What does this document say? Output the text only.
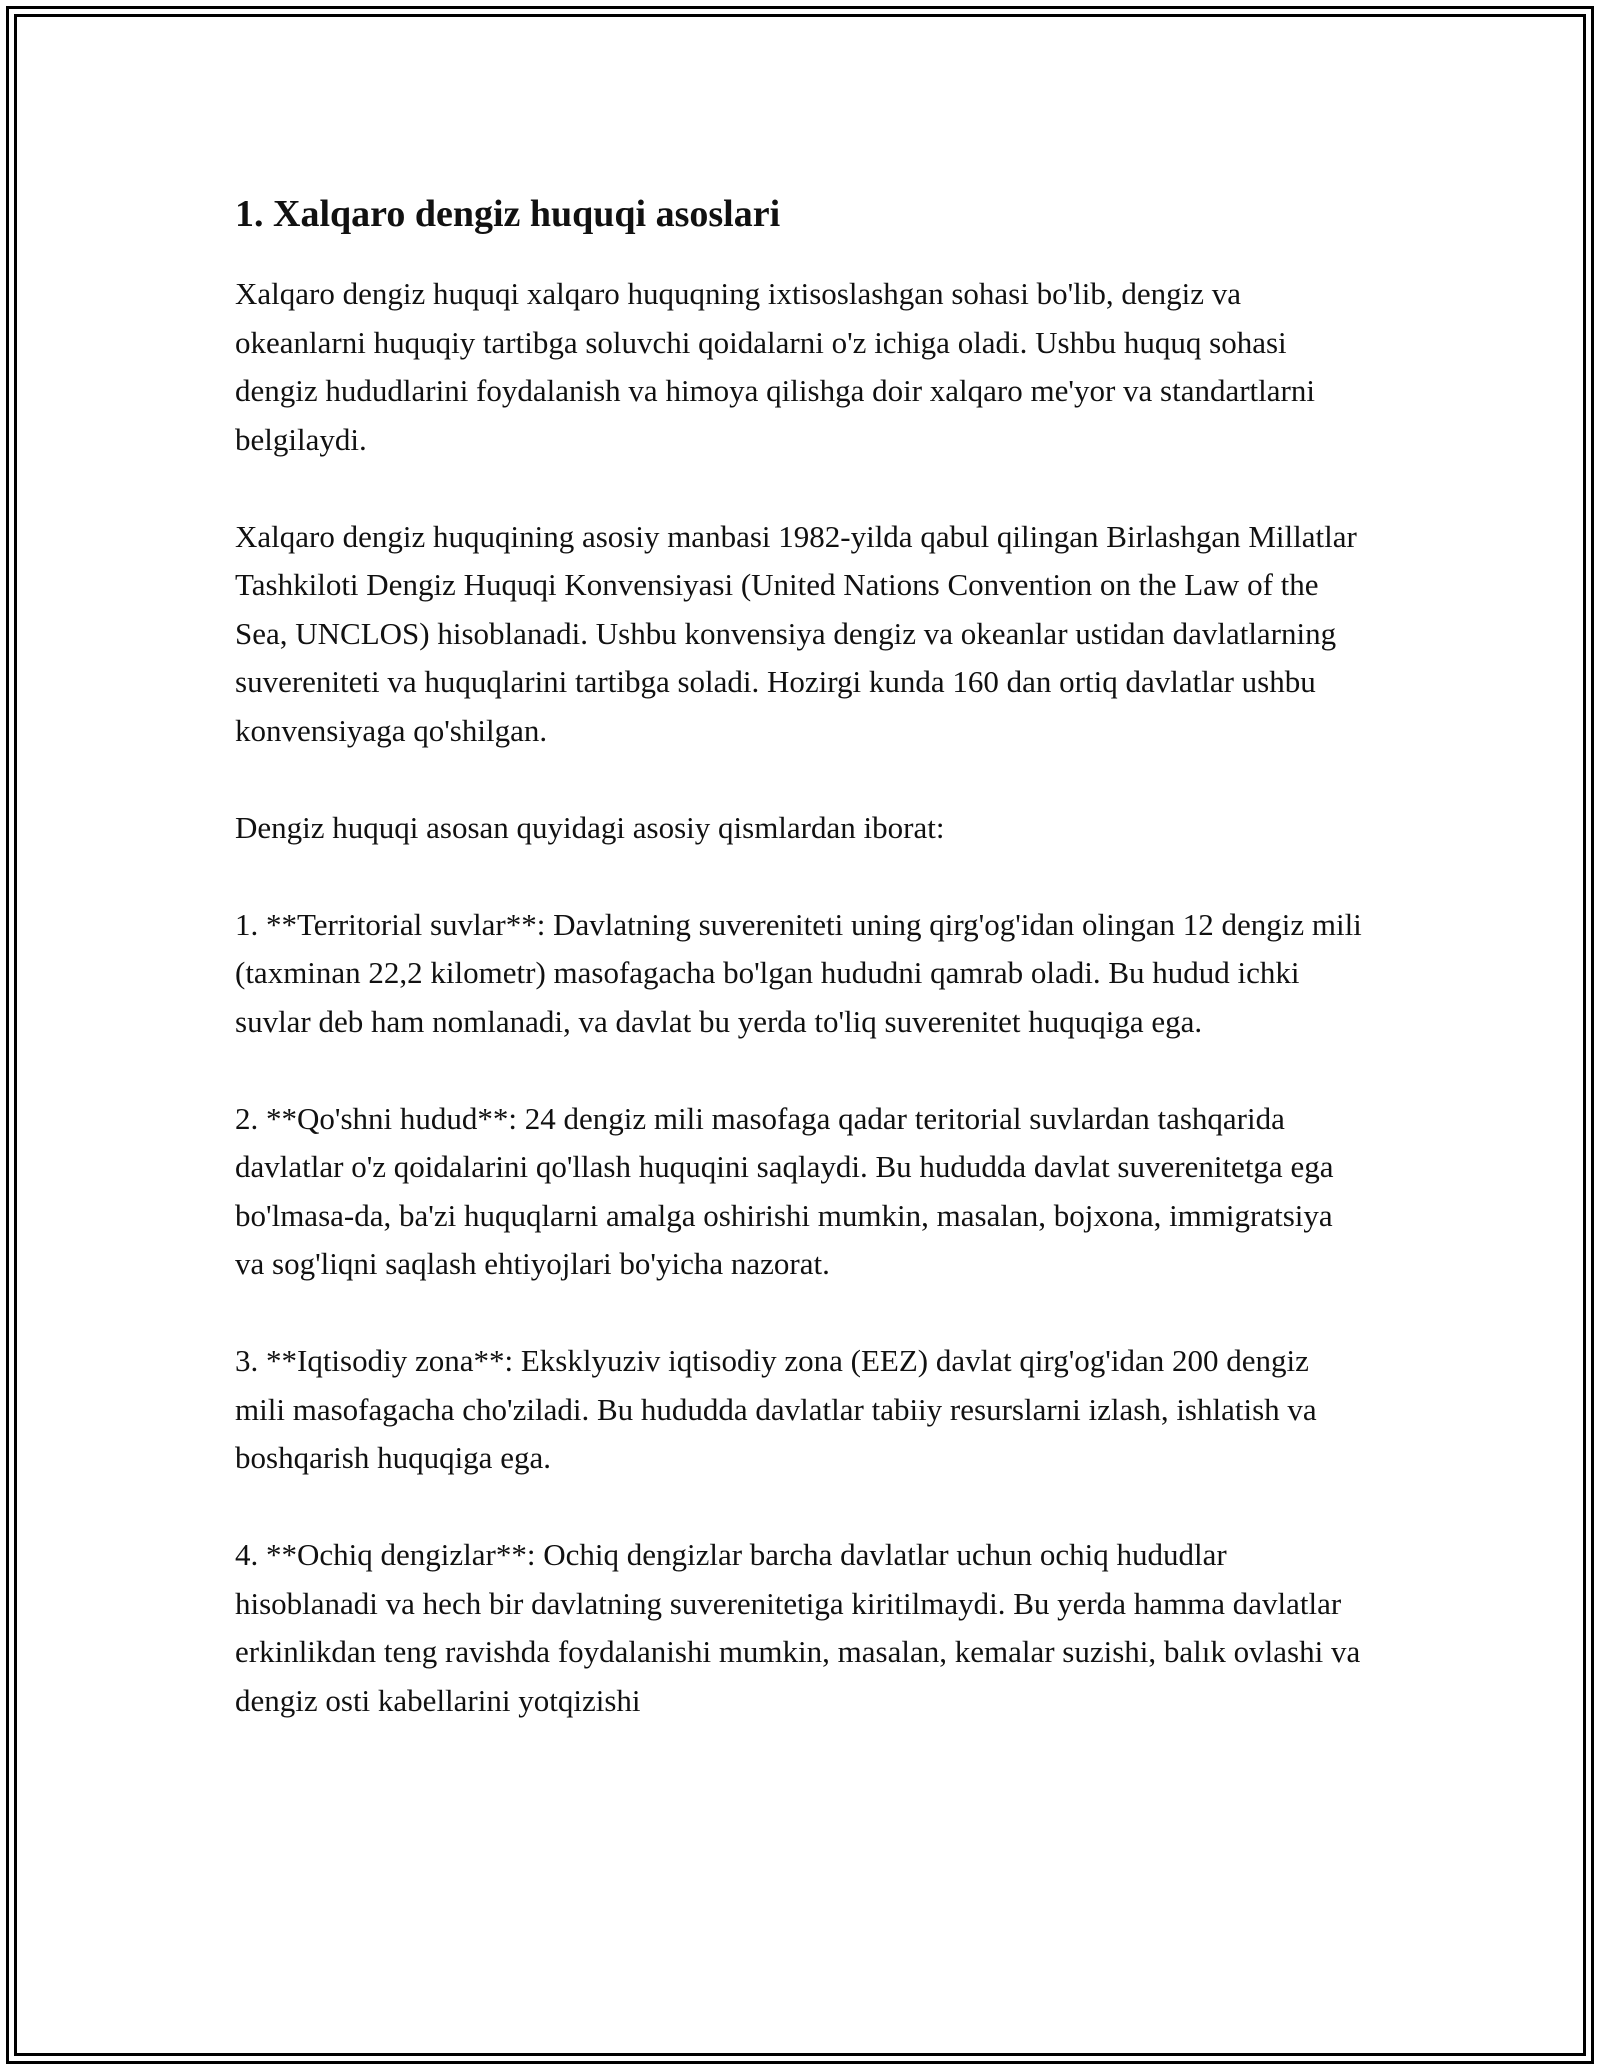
1. Xalqaro dengiz huquqi asoslari

Xalqaro dengiz huquqi xalqaro huquqning ixtisoslashgan sohasi bo'lib, dengiz va okeanlarni huquqiy tartibga soluvchi qoidalarni o'z ichiga oladi. Ushbu huquq sohasi dengiz hududlarini foydalanish va himoya qilishga doir xalqaro me'yor va standartlarni belgilaydi.

Xalqaro dengiz huquqining asosiy manbasi 1982-yilda qabul qilingan Birlashgan Millatlar Tashkiloti Dengiz Huquqi Konvensiyasi (United Nations Convention on the Law of the Sea, UNCLOS) hisoblanadi. Ushbu konvensiya dengiz va okeanlar ustidan davlatlarning suvereniteti va huquqlarini tartibga soladi. Hozirgi kunda 160 dan ortiq davlatlar ushbu konvensiyaga qo'shilgan.

Dengiz huquqi asosan quyidagi asosiy qismlardan iborat:

1. **Territorial suvlar**: Davlatning suvereniteti uning qirg'og'idan olingan 12 dengiz mili (taxminan 22,2 kilometr) masofagacha bo'lgan hududni qamrab oladi. Bu hudud ichki suvlar deb ham nomlanadi, va davlat bu yerda to'liq suverenitet huquqiga ega.

2. **Qo'shni hudud**: 24 dengiz mili masofaga qadar teritorial suvlardan tashqarida davlatlar o'z qoidalarini qo'llash huquqini saqlaydi. Bu hududda davlat suverenitetga ega bo'lmasa-da, ba'zi huquqlarni amalga oshirishi mumkin, masalan, bojxona, immigratsiya va sog'liqni saqlash ehtiyojlari bo'yicha nazorat.

3. **Iqtisodiy zona**: Eksklyuziv iqtisodiy zona (EEZ) davlat qirg'og'idan 200 dengiz mili masofagacha cho'ziladi. Bu hududda davlatlar tabiiy resurslarni izlash, ishlatish va boshqarish huquqiga ega.

4. **Ochiq dengizlar**: Ochiq dengizlar barcha davlatlar uchun ochiq hududlar hisoblanadi va hech bir davlatning suverenitetiga kiritilmaydi. Bu yerda hamma davlatlar erkinlikdan teng ravishda foydalanishi mumkin, masalan, kemalar suzishi, balık ovlashi va dengiz osti kabellarini yotqizishi
